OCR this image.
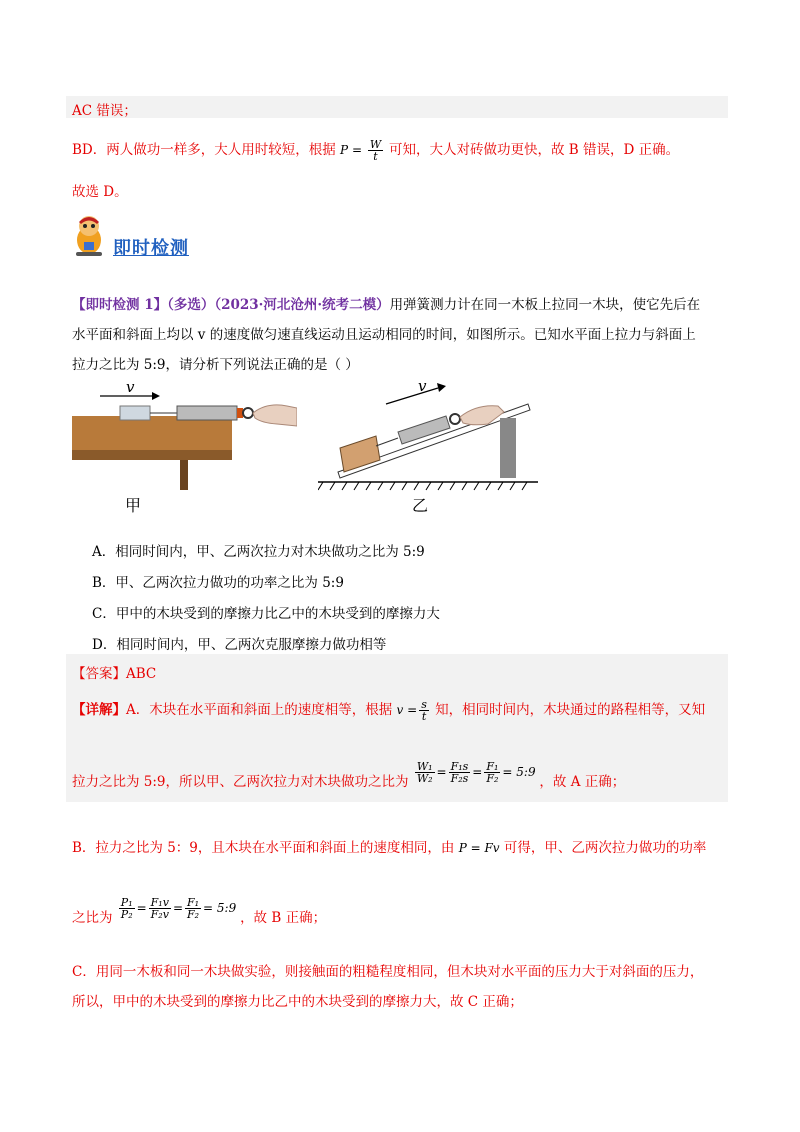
AC 错误；
BD．两人做功一样多，大人用时较短，根据 $P = \frac{W}{t}$ 可知，大人对砖做功更快，故 B 错误，D 正确。
故选 D。
即时检测
【即时检测 1】（多选）（2023·河北沧州·统考二模）用弹簧测力计在同一木板上拉同一木块，使它先后在
水平面和斜面上均以 v 的速度做匀速直线运动且运动相同的时间，如图所示。已知水平面上拉力与斜面上
拉力之比为 5:9，请分析下列说法正确的是（ ）
v
甲
v
乙
A．相同时间内，甲、乙两次拉力对木块做功之比为 5:9
B．甲、乙两次拉力做功的功率之比为 5:9
C．甲中的木块受到的摩擦力比乙中的木块受到的摩擦力大
D．相同时间内，甲、乙两次克服摩擦力做功相等
【答案】ABC
【详解】A．木块在水平面和斜面上的速度相等，根据 $v = \frac{s}{t}$ 知，相同时间内，木块通过的路程相等，又知
拉力之比为 5:9，所以甲、乙两次拉力对木块做功之比为 $\frac{\text{W₁}}{\text{W₂}} = \frac{\text{F₁s}}{\text{F₂s}} = \frac{\text{F₁}}{\text{F₂}}$ = 5:9 ，故 A 正确；
B．拉力之比为 5：9，且木块在水平面和斜面上的速度相同，由 P = Fv 可得，甲、乙两次拉力做功的功率
之比为 $\frac{\text{P₁}}{\text{P₂}} = \frac{\text{F₁v}}{\text{F₂v}} = \frac{\text{F₁}}{\text{F₂}}$ = 5:9 ，故 B 正确；
C．用同一木板和同一木块做实验，则接触面的粗糙程度相同，但木块对水平面的压力大于对斜面的压力，
所以，甲中的木块受到的摩擦力比乙中的木块受到的摩擦力大，故 C 正确；
